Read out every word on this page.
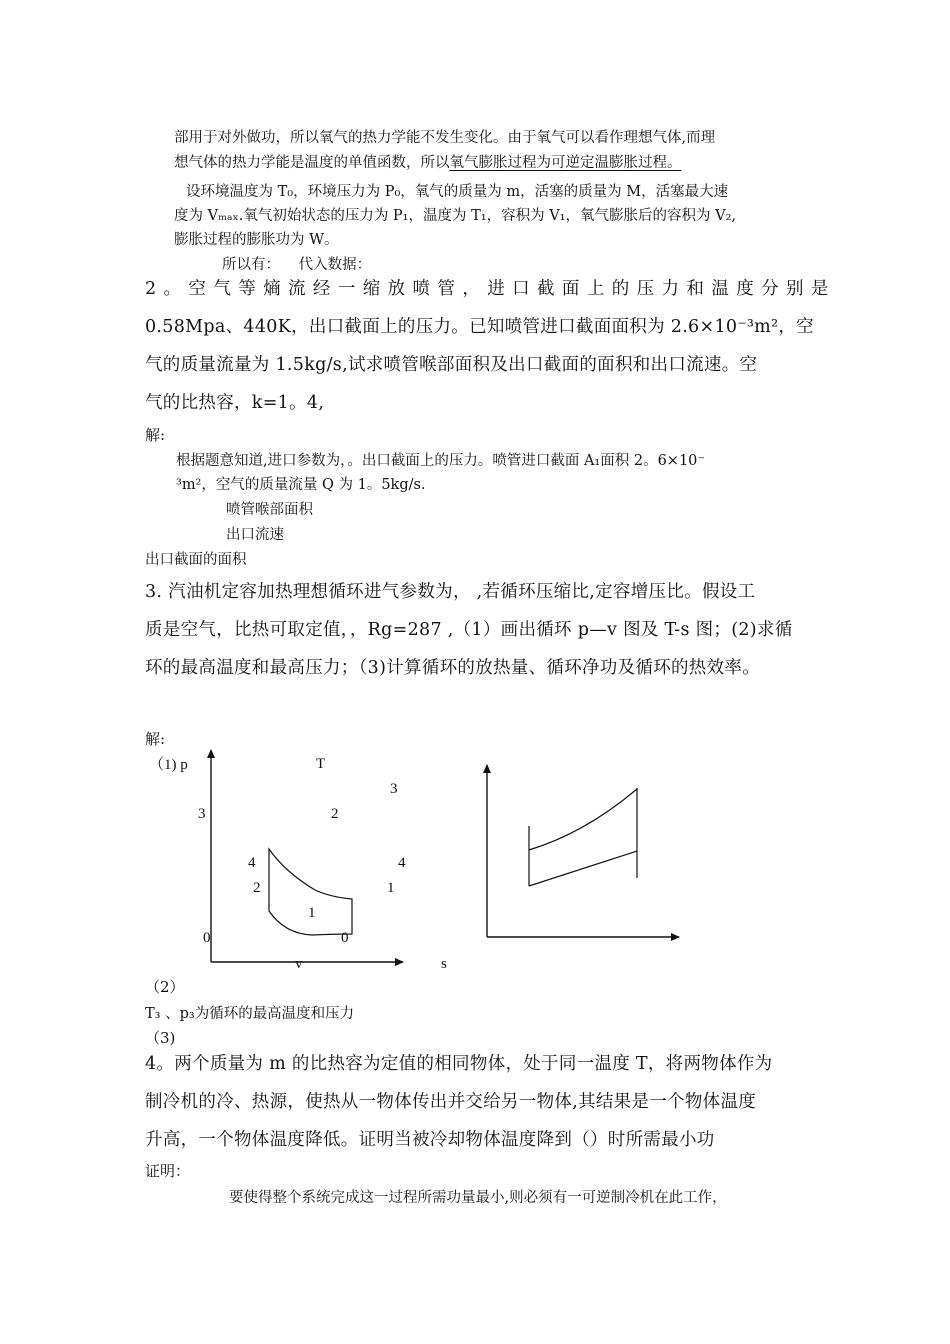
部用于对外做功，所以氧气的热力学能不发生变化。由于氧气可以看作理想气体,而理
想气体的热力学能是温度的单值函数，所以氧气膨胀过程为可逆定温膨胀过程。
设环境温度为 T₀，环境压力为 P₀，氧气的质量为 m，活塞的质量为 M，活塞最大速
度为 Vₘₐₓ.氧气初始状态的压力为 P₁，温度为 T₁，容积为 V₁，氧气膨胀后的容积为 V₂,
膨胀过程的膨胀功为 W。
所以有： 代入数据：
2。空气等熵流经一缩放喷管，进口截面上的压力和温度分别是
0.58Mpa、440K，出口截面上的压力。已知喷管进口截面面积为 2.6×10⁻³m²，空
气的质量流量为 1.5kg/s,试求喷管喉部面积及出口截面的面积和出口流速。空
气的比热容，k=1。4,
解:
根据题意知道,进口参数为，。出口截面上的压力。喷管进口截面 A₁面积 2。6×10⁻
³m²，空气的质量流量 Q 为 1。5kg/s.
喷管喉部面积
出口流速
出口截面的面积
3. 汽油机定容加热理想循环进气参数为， ,若循环压缩比,定容增压比。假设工
质是空气，比热可取定值，，Rg=287 ,（1）画出循环 p—v 图及 T-s 图；(2)求循
环的最高温度和最高压力；（3)计算循环的放热量、循环净功及循环的热效率。
解:
（1) p	T
3
3	2
4	4
2	1
1
0	0
v	s
（2）
T₃ 、p₃为循环的最高温度和压力
（3)
4。两个质量为 m 的比热容为定值的相同物体，处于同一温度 T，将两物体作为
制冷机的冷、热源，使热从一物体传出并交给另一物体,其结果是一个物体温度
升高，一个物体温度降低。证明当被冷却物体温度降到（）时所需最小功
证明：
要使得整个系统完成这一过程所需功量最小,则必须有一可逆制冷机在此工作，
